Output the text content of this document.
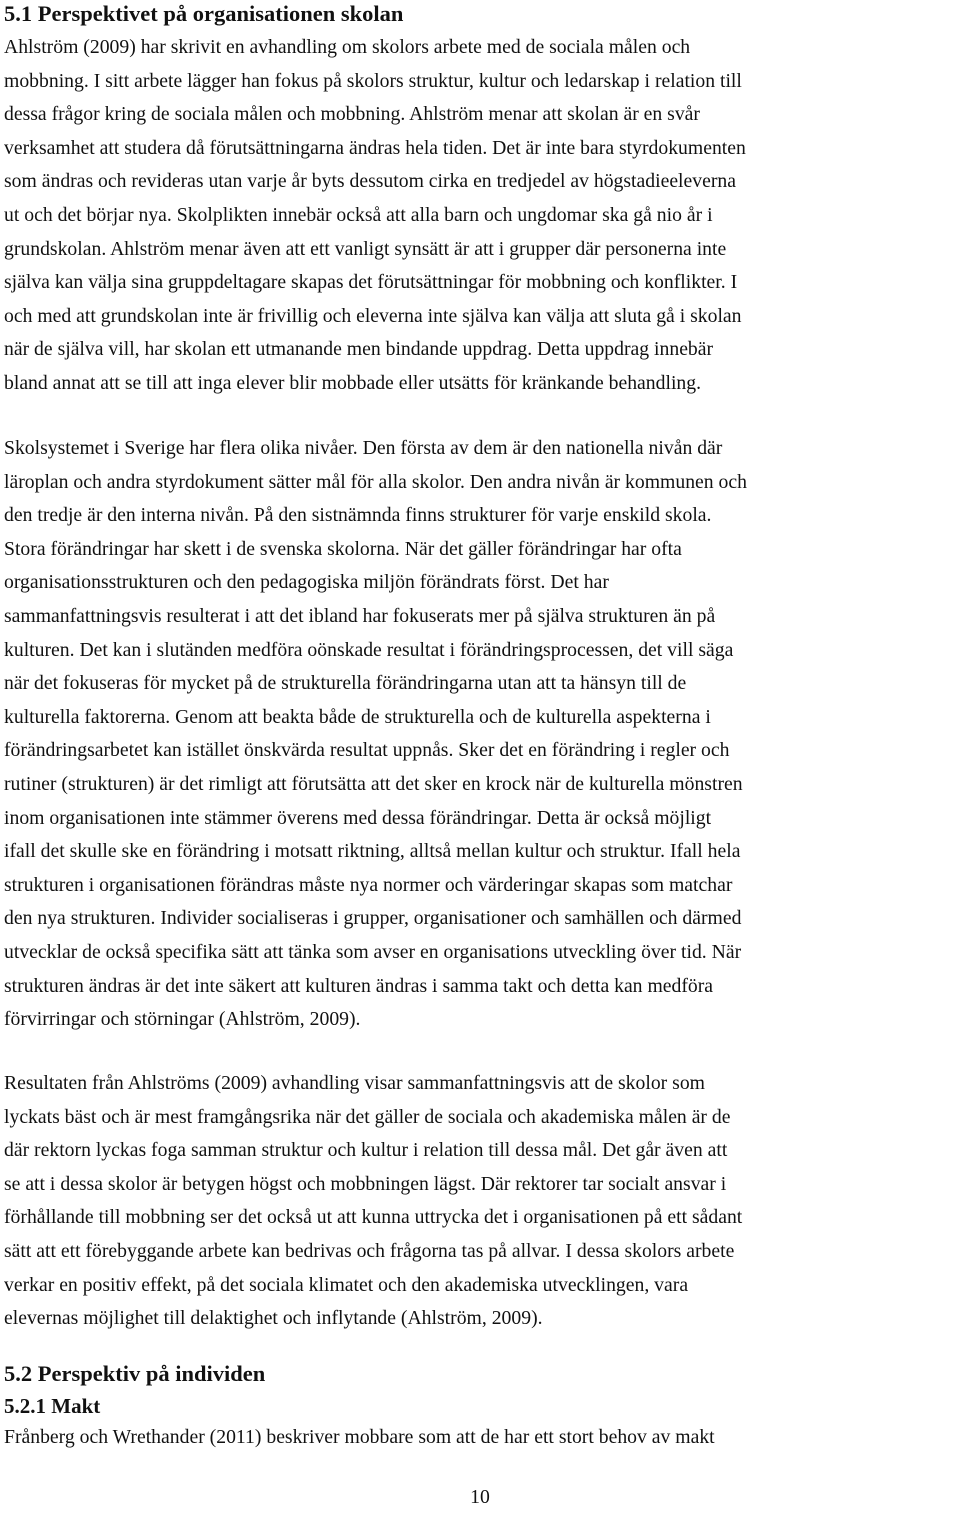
5.1 Perspektivet på organisationen skolan

Ahlström (2009) har skrivit en avhandling om skolors arbete med de sociala målen och
mobbning. I sitt arbete lägger han fokus på skolors struktur, kultur och ledarskap i relation till
dessa frågor kring de sociala målen och mobbning. Ahlström menar att skolan är en svår
verksamhet att studera då förutsättningarna ändras hela tiden. Det är inte bara styrdokumenten
som ändras och revideras utan varje år byts dessutom cirka en tredjedel av högstadieeleverna
ut och det börjar nya. Skolplikten innebär också att alla barn och ungdomar ska gå nio år i
grundskolan. Ahlström menar även att ett vanligt synsätt är att i grupper där personerna inte
själva kan välja sina gruppdeltagare skapas det förutsättningar för mobbning och konflikter. I
och med att grundskolan inte är frivillig och eleverna inte själva kan välja att sluta gå i skolan
när de själva vill, har skolan ett utmanande men bindande uppdrag. Detta uppdrag innebär
bland annat att se till att inga elever blir mobbade eller utsätts för kränkande behandling.

Skolsystemet i Sverige har flera olika nivåer. Den första av dem är den nationella nivån där
läroplan och andra styrdokument sätter mål för alla skolor. Den andra nivån är kommunen och
den tredje är den interna nivån. På den sistnämnda finns strukturer för varje enskild skola.
Stora förändringar har skett i de svenska skolorna. När det gäller förändringar har ofta
organisationsstrukturen och den pedagogiska miljön förändrats först. Det har
sammanfattningsvis resulterat i att det ibland har fokuserats mer på själva strukturen än på
kulturen. Det kan i slutänden medföra oönskade resultat i förändringsprocessen, det vill säga
när det fokuseras för mycket på de strukturella förändringarna utan att ta hänsyn till de
kulturella faktorerna. Genom att beakta både de strukturella och de kulturella aspekterna i
förändringsarbetet kan istället önskvärda resultat uppnås. Sker det en förändring i regler och
rutiner (strukturen) är det rimligt att förutsätta att det sker en krock när de kulturella mönstren
inom organisationen inte stämmer överens med dessa förändringar. Detta är också möjligt
ifall det skulle ske en förändring i motsatt riktning, alltså mellan kultur och struktur. Ifall hela
strukturen i organisationen förändras måste nya normer och värderingar skapas som matchar
den nya strukturen. Individer socialiseras i grupper, organisationer och samhällen och därmed
utvecklar de också specifika sätt att tänka som avser en organisations utveckling över tid. När
strukturen ändras är det inte säkert att kulturen ändras i samma takt och detta kan medföra
förvirringar och störningar (Ahlström, 2009).

Resultaten från Ahlströms (2009) avhandling visar sammanfattningsvis att de skolor som
lyckats bäst och är mest framgångsrika när det gäller de sociala och akademiska målen är de
där rektorn lyckas foga samman struktur och kultur i relation till dessa mål. Det går även att
se att i dessa skolor är betygen högst och mobbningen lägst. Där rektorer tar socialt ansvar i
förhållande till mobbning ser det också ut att kunna uttrycka det i organisationen på ett sådant
sätt att ett förebyggande arbete kan bedrivas och frågorna tas på allvar. I dessa skolors arbete
verkar en positiv effekt, på det sociala klimatet och den akademiska utvecklingen, vara
elevernas möjlighet till delaktighet och inflytande (Ahlström, 2009).

5.2 Perspektiv på individen
5.2.1 Makt

Frånberg och Wrethander (2011) beskriver mobbare som att de har ett stort behov av makt

10
